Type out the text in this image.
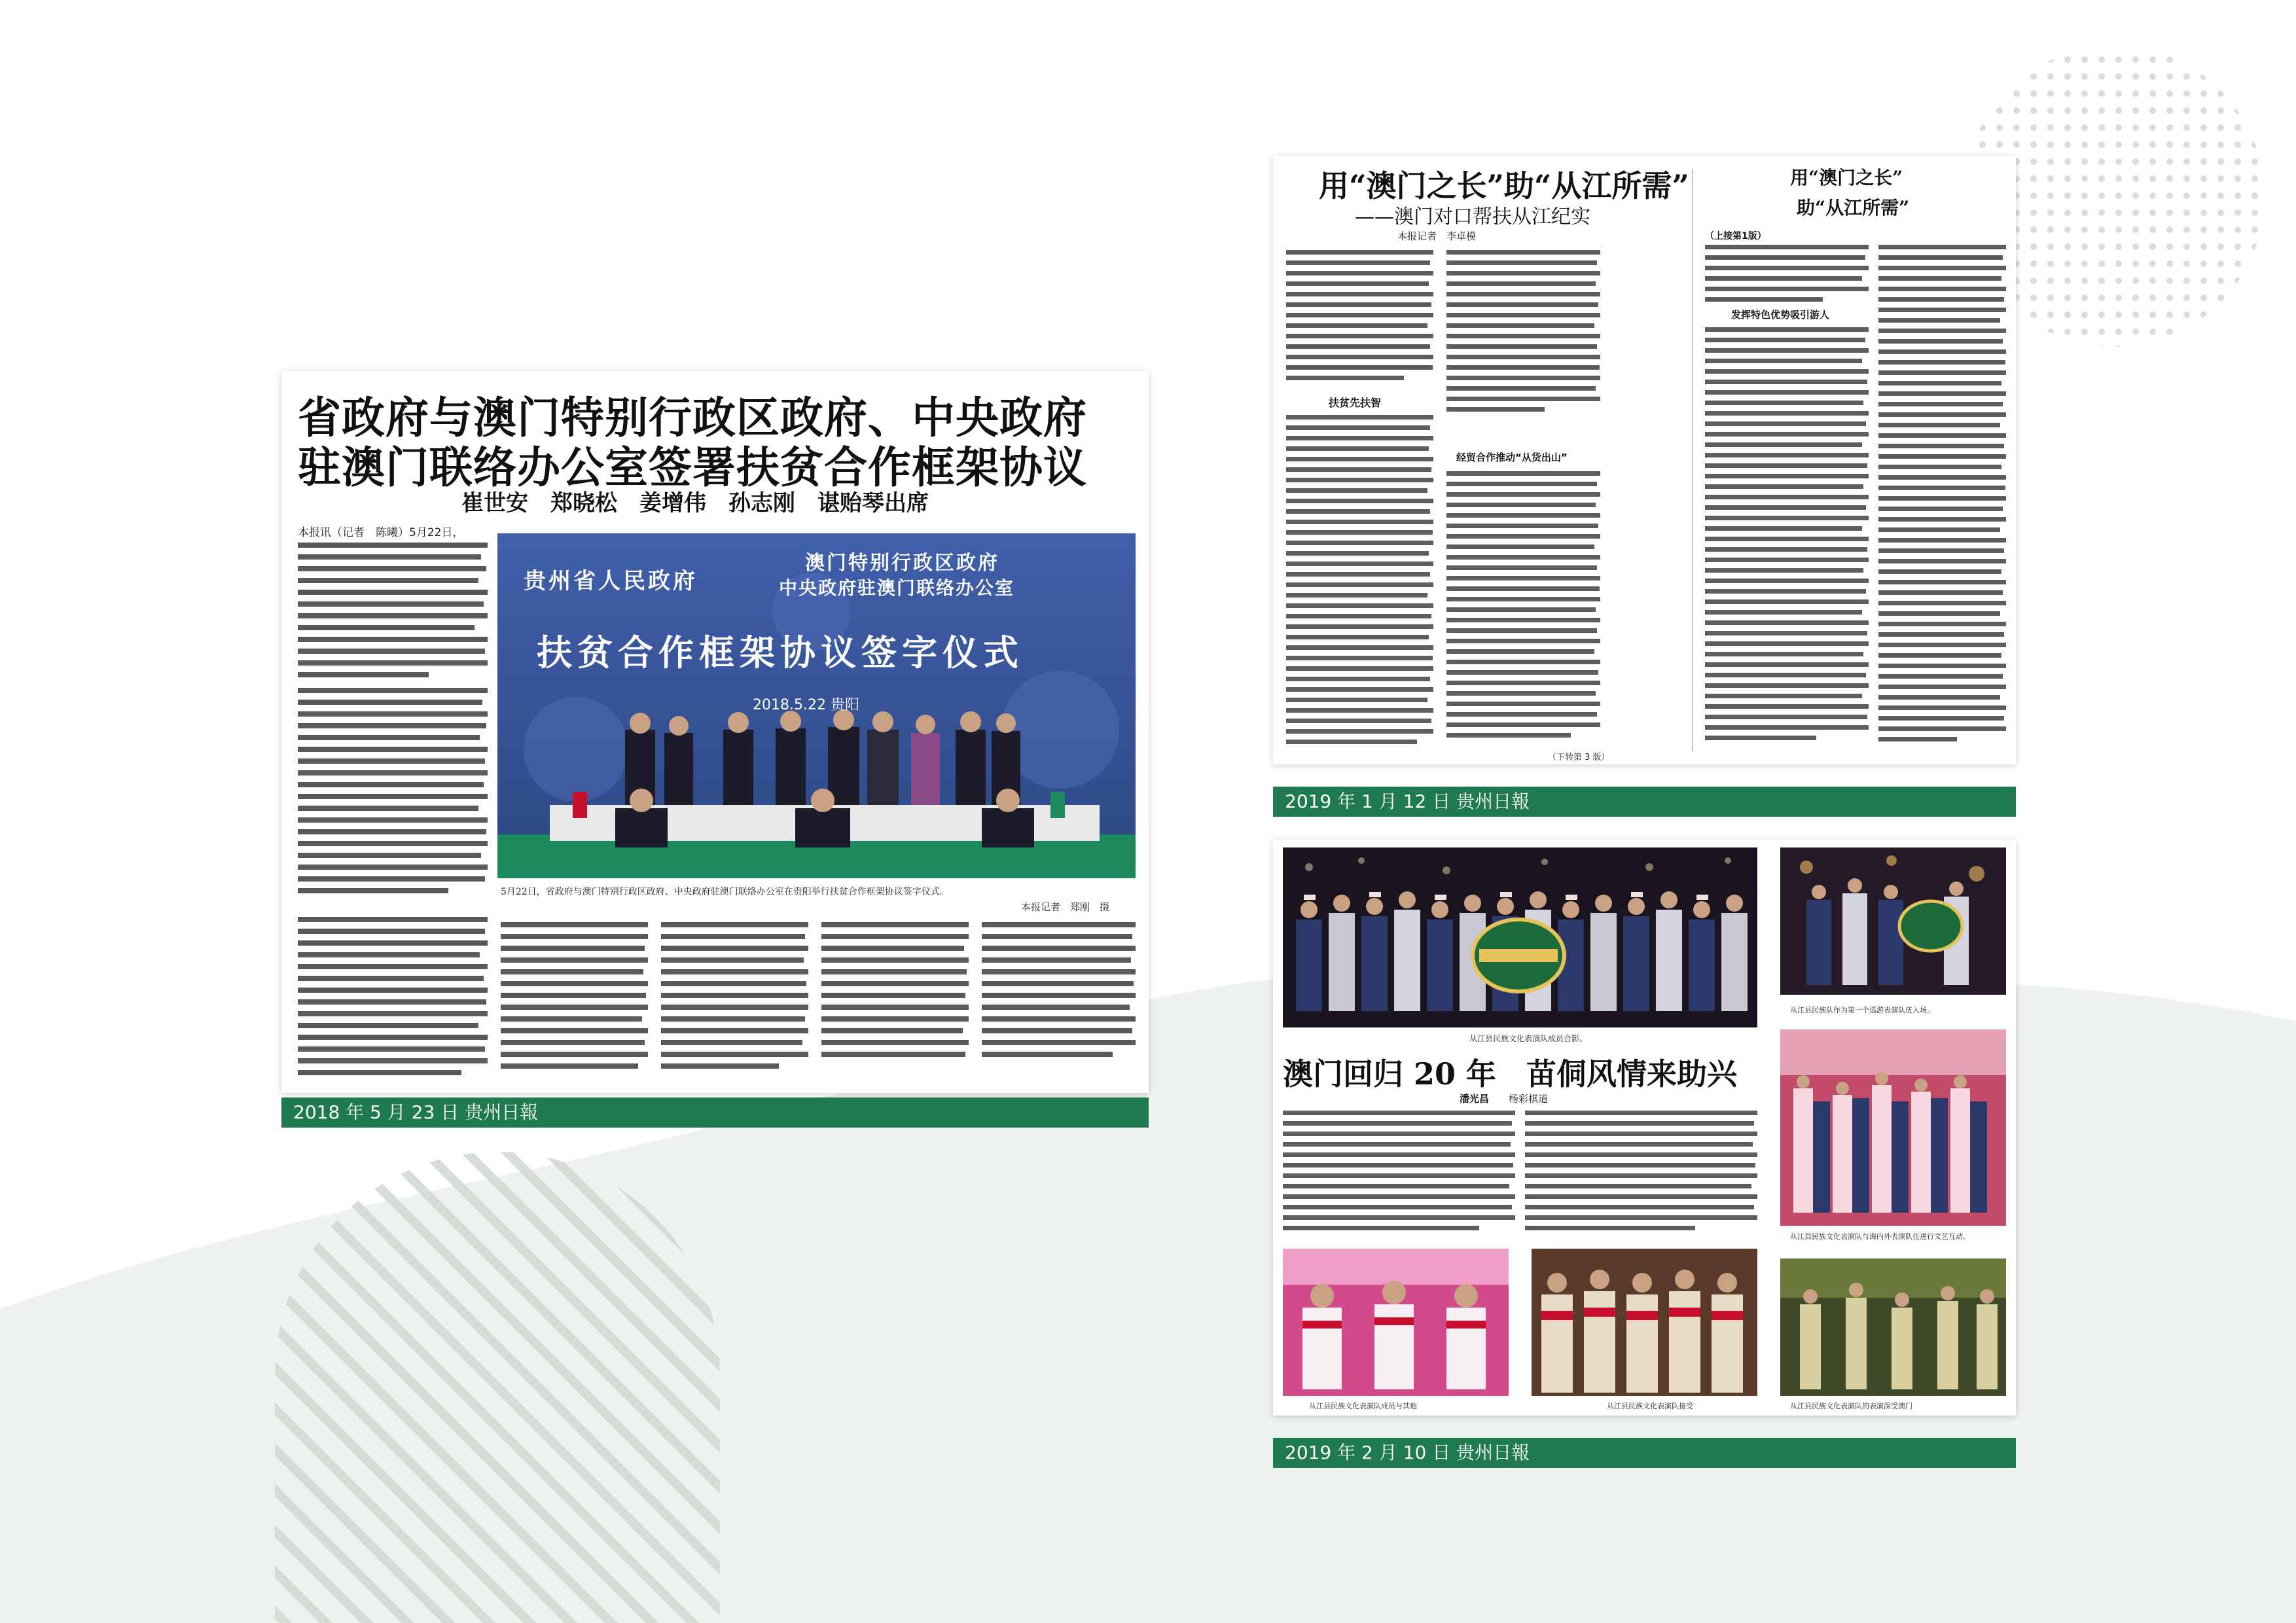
省政府与澳门特别行政区政府、中央政府
驻澳门联络办公室签署扶贫合作框架协议
崔世安　郑晓松　姜增伟　孙志刚　谌贻琴出席
本报讯（记者　陈曦）5月22日，
贵州省人民政府
澳门特别行政区政府
中央政府驻澳门联络办公室
扶贫合作框架协议签字仪式
2018.5.22 贵阳
5月22日，省政府与澳门特别行政区政府、中央政府驻澳门联络办公室在贵阳举行扶贫合作框架协议签字仪式。
本报记者　郑刚　摄
2018 年 5 月 23 日 贵州日報
用“澳门之长”助“从江所需”
——澳门对口帮扶从江纪实
本报记者　李卓模
扶贫先扶智
经贸合作推动“从货出山”
（下转第 3 版）
用“澳门之长”
助“从江所需”
（上接第1版）
发挥特色优势吸引游人
2019 年 1 月 12 日 贵州日報
从江县民族文化表演队成员合影。
从江县民族队作为第一个巡游表演队伍入场。
从江县民族文化表演队与海内外表演队伍进行文艺互动。
从江县民族文化表演队的表演深受澳门
澳门回归 20 年　苗侗风情来助兴
潘光昌 杨彩棋道
从江县民族文化表演队成员与其他	从江县民族文化表演队接受
2019 年 2 月 10 日 贵州日報
